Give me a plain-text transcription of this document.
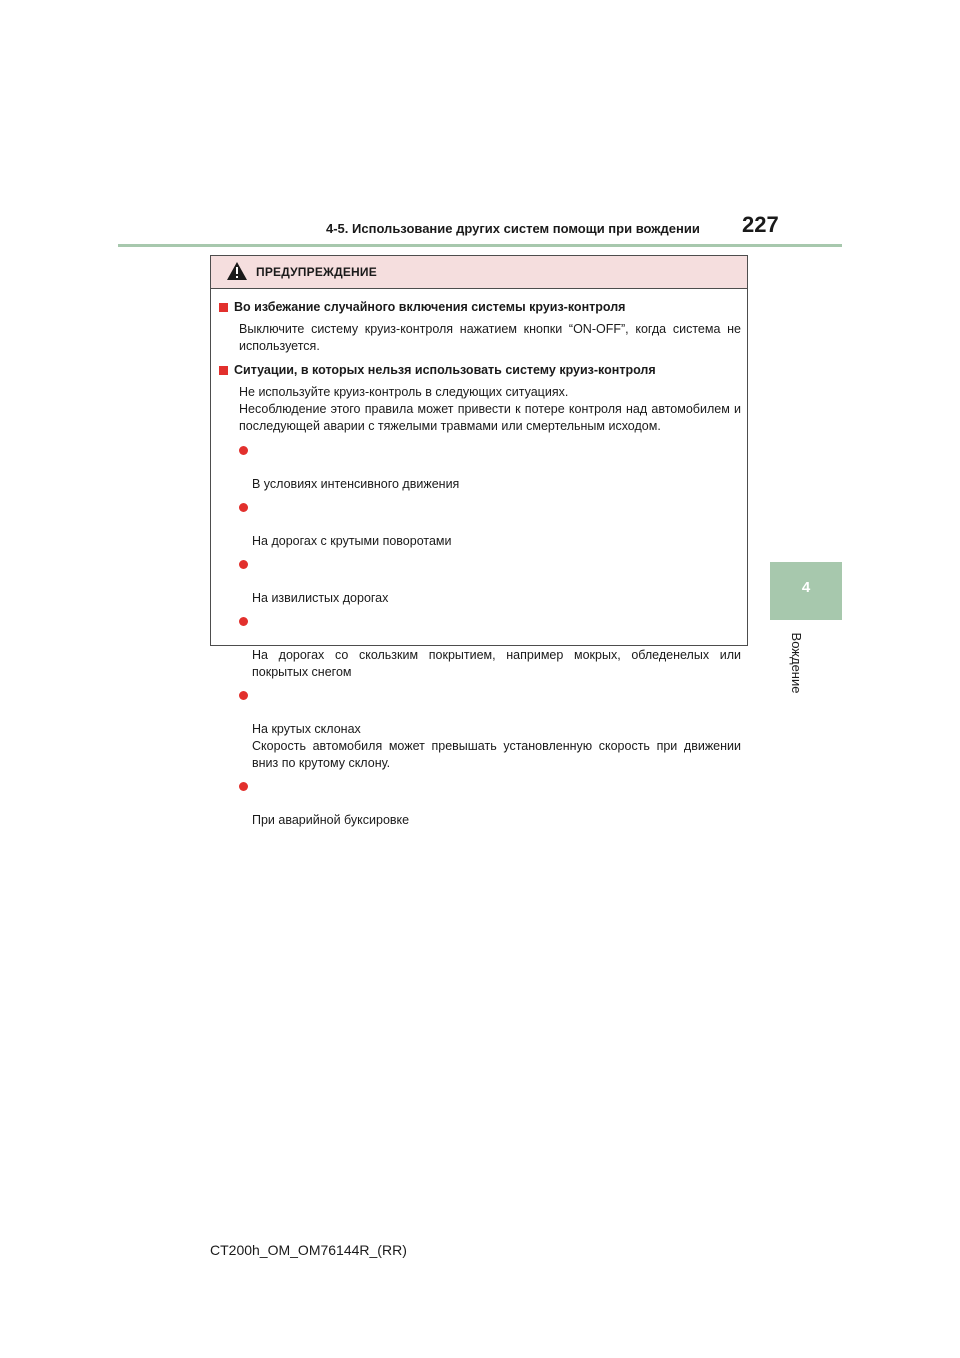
4-5. Использование других систем помощи при вождении 227
4
Вождение
ПРЕДУПРЕЖДЕНИЕ
Во избежание случайного включения системы круиз-контроля
Выключите систему круиз-контроля нажатием кнопки “ON-OFF”, когда система не используется.
Ситуации, в которых нельзя использовать систему круиз-контроля
Не используйте круиз-контроль в следующих ситуациях.
Несоблюдение этого правила может привести к потере контроля над автомобилем и последующей аварии с тяжелыми травмами или смертельным исходом.

В условиях интенсивного движения

На дорогах с крутыми поворотами

На извилистых дорогах

На дорогах со скользким покрытием, например мокрых, обледенелых или покрытых снегом

На крутых склонах
Скорость автомобиля может превышать установленную скорость при движении вниз по крутому склону.

При аварийной буксировке

CT200h_OM_OM76144R_(RR)
